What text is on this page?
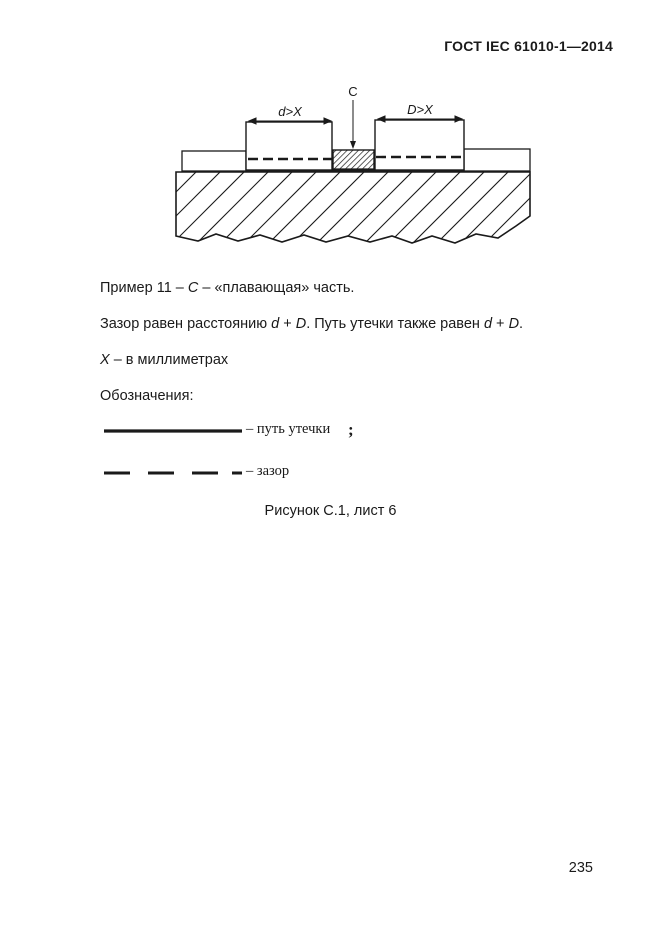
ГОСТ IEC 61010-1—2014
d>X	D>X
C
Пример 11 – C – «плавающая» часть.
Зазор равен расстоянию d + D. Путь утечки также равен d + D.
X – в миллиметрах
Обозначения:
– путь утечки ;
– зазор
Рисунок С.1, лист 6
235
